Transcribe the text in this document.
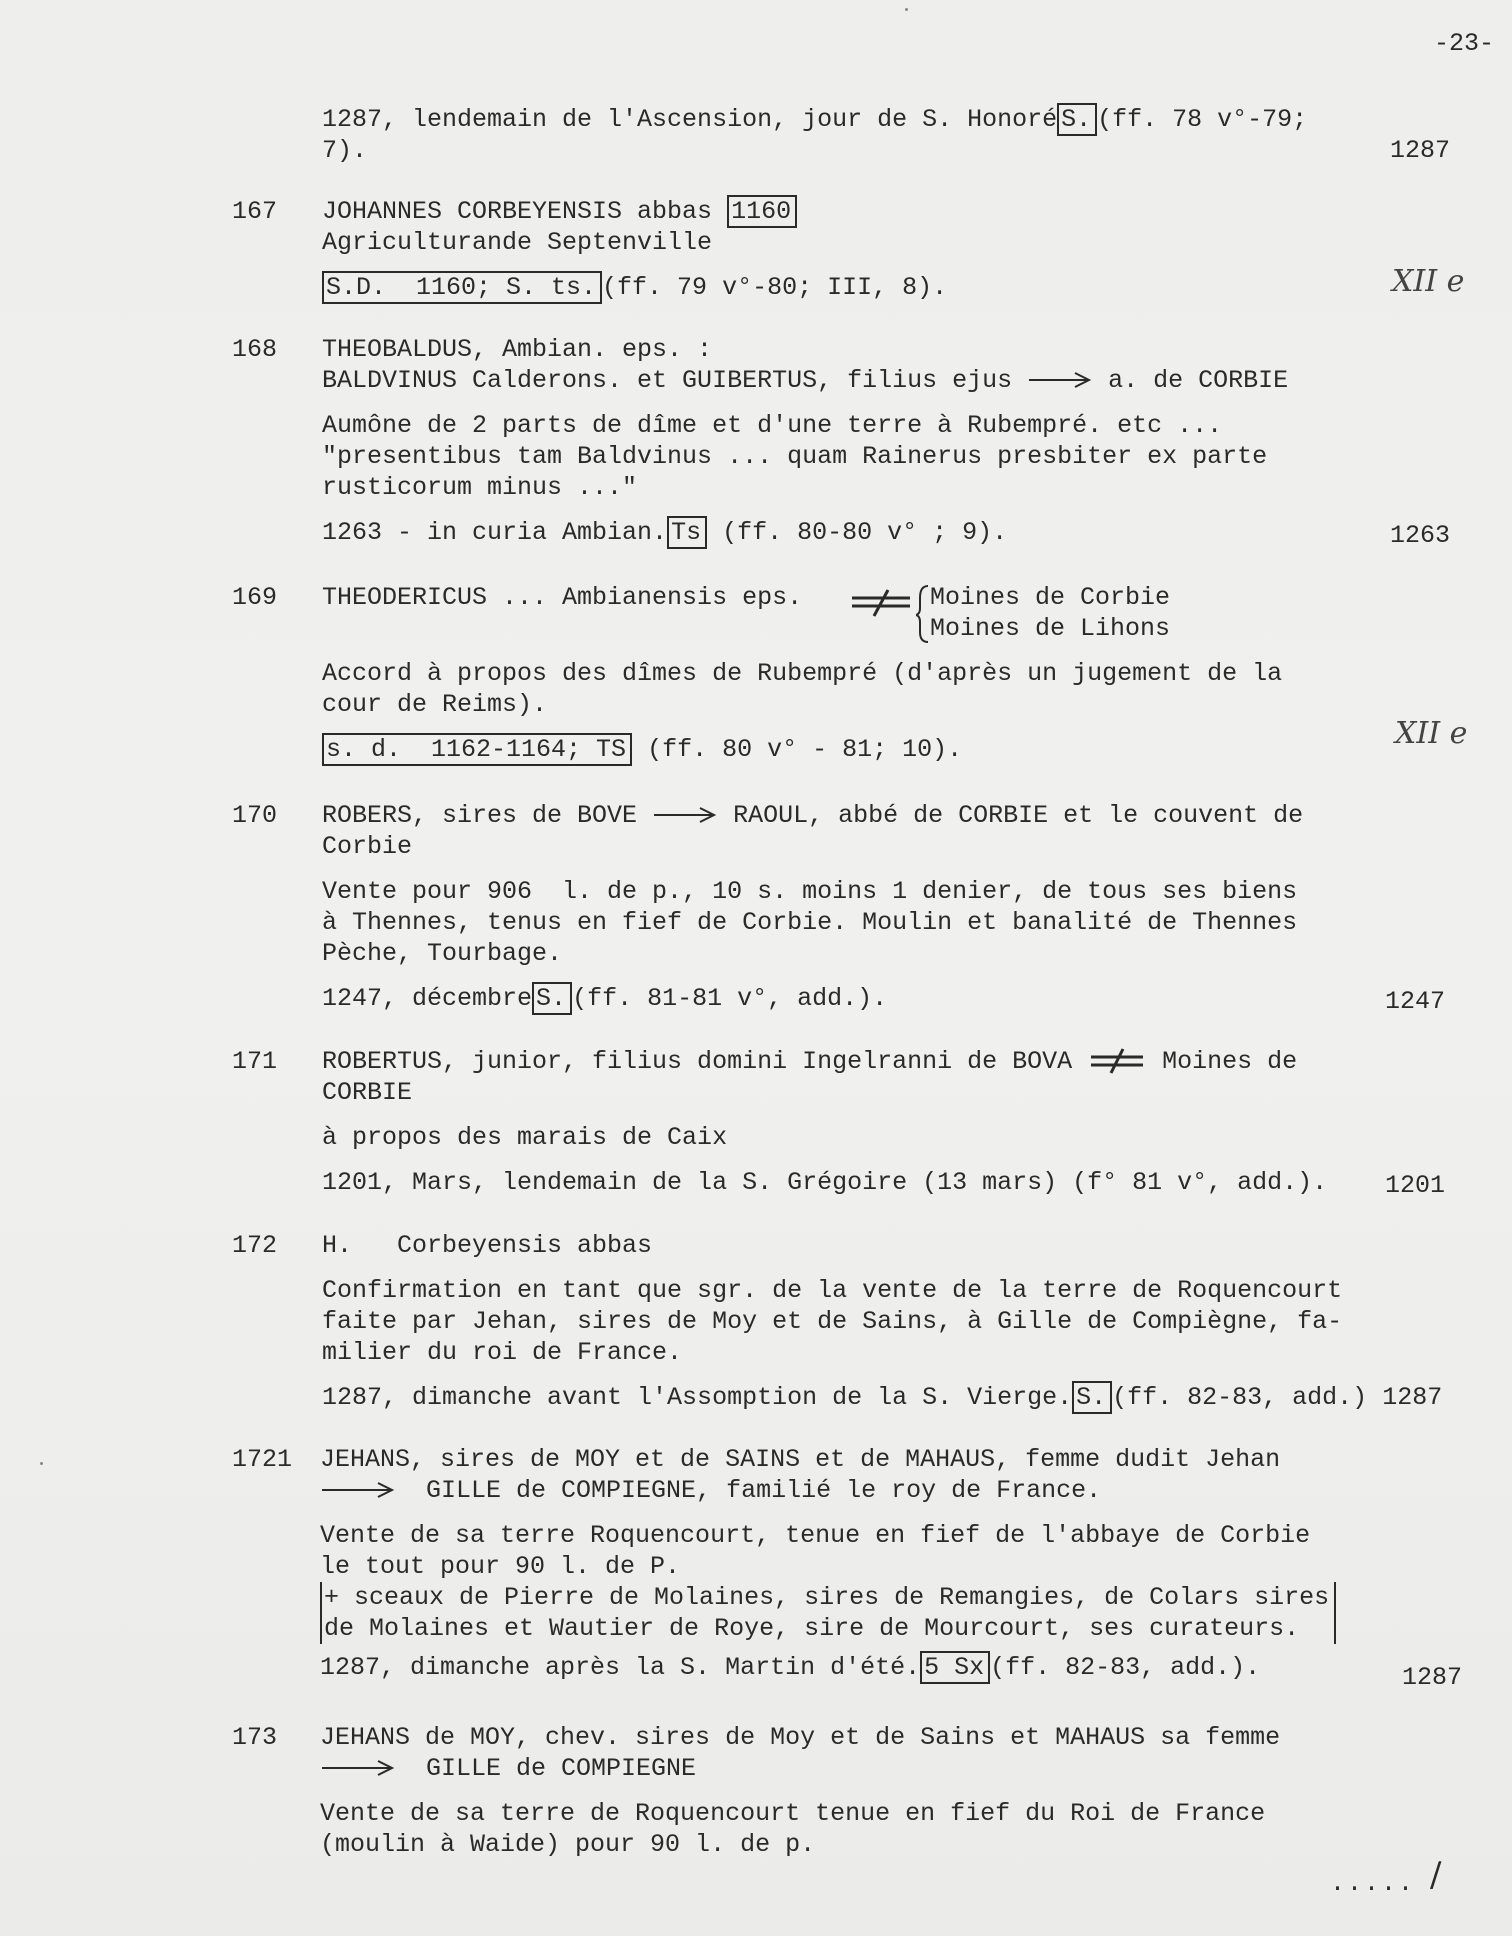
-23-
1287, lendemain de l'Ascension, jour de S. Honoré S. (ff. 78 v°-79;
7).	1287
167 JOHANNES CORBEYENSIS abbas 1160
Agriculturande Septenville
S.D.  1160; S. ts. (ff. 79 v°-80; III, 8).	XII e
168 THEOBALDUS, Ambian. eps. :
BALDVINUS Calderons. et GUIBERTUS, filius ejus	a. de CORBIE
Aumône de 2 parts de dîme et d'une terre à Rubempré. etc ...
"presentibus tam Baldvinus ... quam Rainerus presbiter ex parte
rusticorum minus ..."
1263 - in curia Ambian. Ts (ff. 80-80 v° ; 9).	1263
169 THEODERICUS ... Ambianensis eps.
Accord à propos des dîmes de Rubempré (d'après un jugement de la
cour de Reims).
s. d.  1162-1164; TS (ff. 80 v° - 81; 10).
Moines de Corbie
Moines de Lihons
XII e
170 ROBERS, sires de BOVE	RAOUL, abbé de CORBIE et le couvent de
Corbie
Vente pour 906  l. de p., 10 s. moins 1 denier, de tous ses biens
à Thennes, tenus en fief de Corbie. Moulin et banalité de Thennes
Pèche, Tourbage.
1247, décembre S. (ff. 81-81 v°, add.).	1247
171 ROBERTUS, junior, filius domini Ingelranni de BOVA	Moines de
CORBIE
à propos des marais de Caix
1201, Mars, lendemain de la S. Grégoire (13 mars) (f° 81 v°, add.).	1201
172 H.   Corbeyensis abbas
Confirmation en tant que sgr. de la vente de la terre de Roquencourt
faite par Jehan, sires de Moy et de Sains, à Gille de Compiègne, fa-
milier du roi de France.
1287, dimanche avant l'Assomption de la S. Vierge. S. (ff. 82-83, add.) 1287
1721 JEHANS, sires de MOY et de SAINS et de MAHAUS, femme dudit Jehan
GILLE de COMPIEGNE, familié le roy de France.
Vente de sa terre Roquencourt, tenue en fief de l'abbaye de Corbie
le tout pour 90 l. de P.
+ sceaux de Pierre de Molaines, sires de Remangies, de Colars sires
de Molaines et Wautier de Roye, sire de Mourcourt, ses curateurs.
1287, dimanche après la S. Martin d'été. 5 Sx (ff. 82-83, add.).	1287
173 JEHANS de MOY, chev. sires de Moy et de Sains et MAHAUS sa femme
GILLE de COMPIEGNE
Vente de sa terre de Roquencourt tenue en fief du Roi de France
(moulin à Waide) pour 90 l. de p.
..... /
